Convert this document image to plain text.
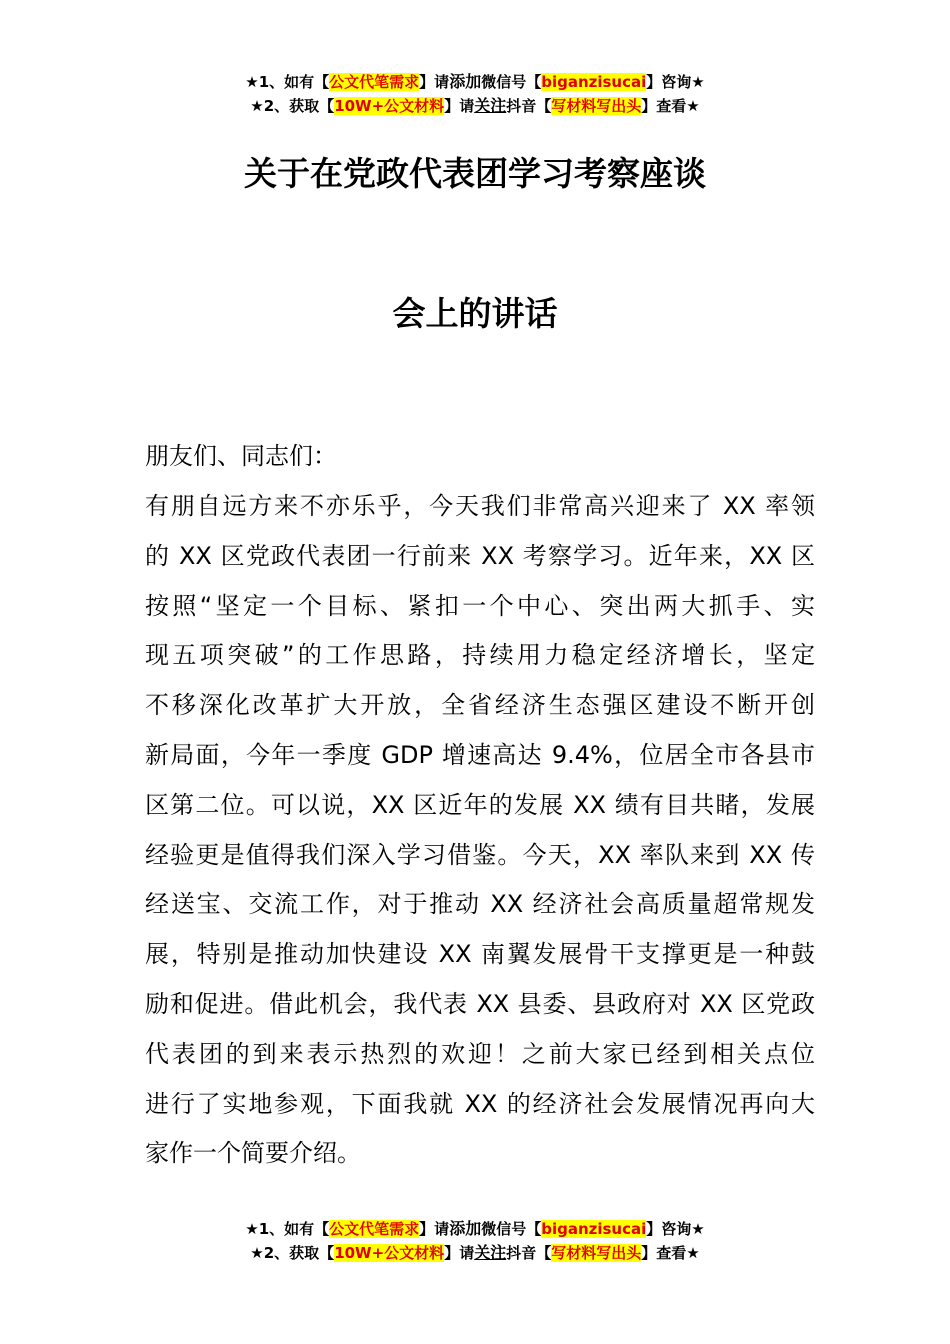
★1、如有【公文代笔需求】请添加微信号【biganzisucai】咨询★
★2、获取【10W+公文材料】请关注抖音【写材料写出头】查看★
关于在党政代表团学习考察座谈
会上的讲话
朋友们、同志们：
有朋自远方来不亦乐乎，今天我们非常高兴迎来了 XX 率领
的 XX 区党政代表团一行前来 XX 考察学习。近年来，XX 区
按照“坚定一个目标、紧扣一个中心、突出两大抓手、实
现五项突破”的工作思路，持续用力稳定经济增长，坚定
不移深化改革扩大开放，全省经济生态强区建设不断开创
新局面，今年一季度 GDP 增速高达 9.4%，位居全市各县市
区第二位。可以说，XX 区近年的发展 XX 绩有目共睹，发展
经验更是值得我们深入学习借鉴。今天，XX 率队来到 XX 传
经送宝、交流工作，对于推动 XX 经济社会高质量超常规发
展，特别是推动加快建设 XX 南翼发展骨干支撑更是一种鼓
励和促进。借此机会，我代表 XX 县委、县政府对 XX 区党政
代表团的到来表示热烈的欢迎！之前大家已经到相关点位
进行了实地参观，下面我就 XX 的经济社会发展情况再向大
家作一个简要介绍。
★1、如有【公文代笔需求】请添加微信号【biganzisucai】咨询★
★2、获取【10W+公文材料】请关注抖音【写材料写出头】查看★
